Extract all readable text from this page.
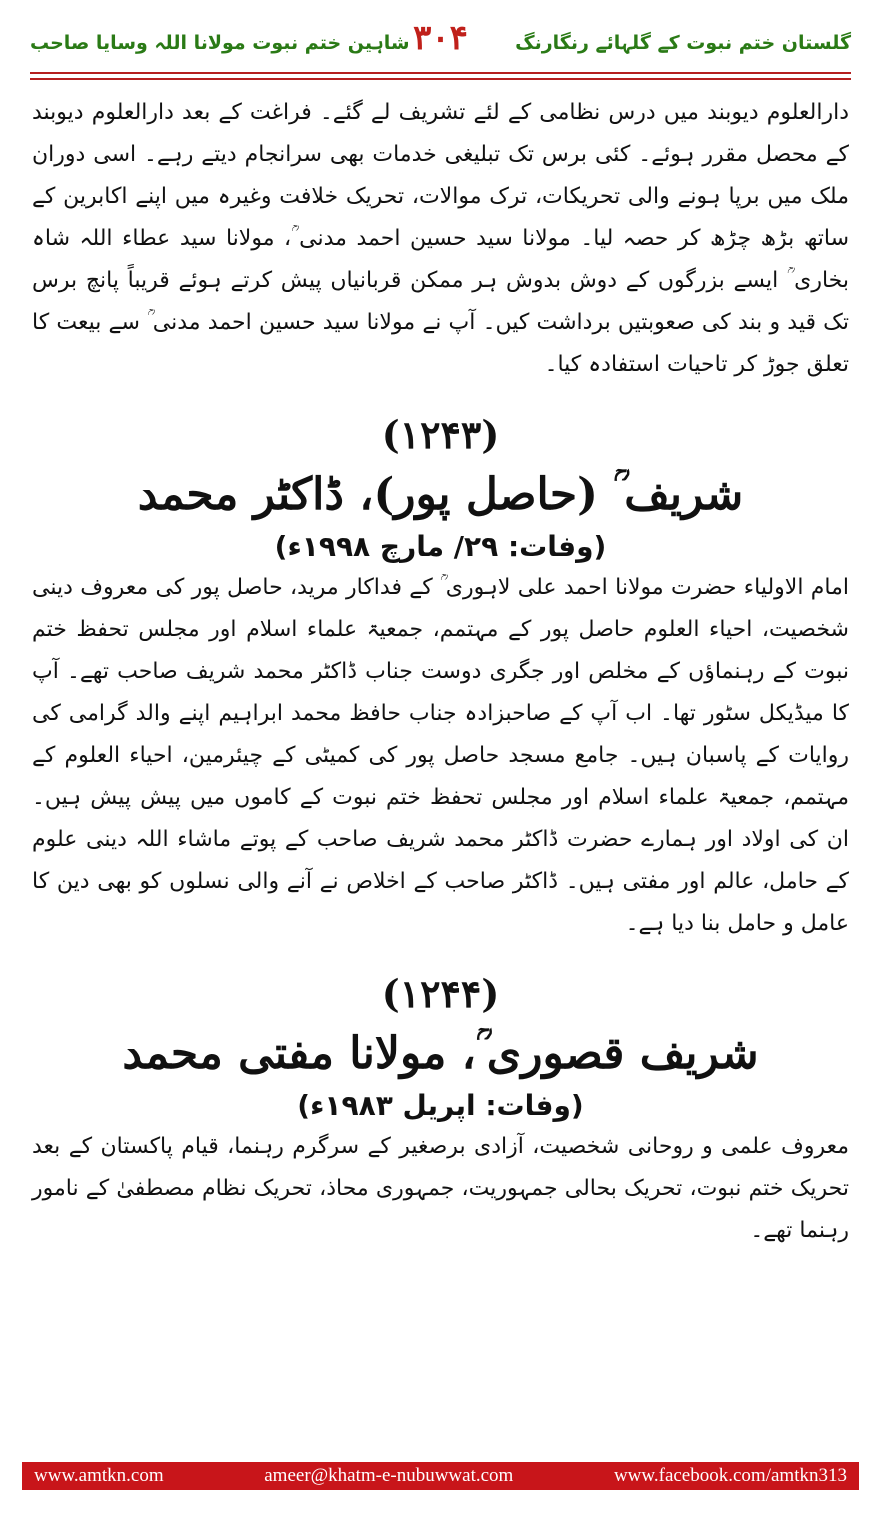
گلستان ختم نبوت کے گلہائے رنگارنگ
۳۰۴
شاہین ختم نبوت مولانا اللہ وسایا صاحب

دارالعلوم دیوبند میں درس نظامی کے لئے تشریف لے گئے۔ فراغت کے بعد دارالعلوم دیوبند کے محصل مقرر ہوئے۔ کئی برس تک تبلیغی خدمات بھی سرانجام دیتے رہے۔ اسی دوران ملک میں برپا ہونے والی تحریکات، ترک موالات، تحریک خلافت وغیرہ میں اپنے اکابرین کے ساتھ بڑھ چڑھ کر حصہ لیا۔ مولانا سید حسین احمد مدنی ؒ، مولانا سید عطاء اللہ شاہ بخاری ؒ ایسے بزرگوں کے دوش بدوش ہر ممکن قربانیاں پیش کرتے ہوئے قریباً پانچ برس تک قید و بند کی صعوبتیں برداشت کیں۔ آپ نے مولانا سید حسین احمد مدنی ؒ سے بیعت کا تعلق جوڑ کر تاحیات استفادہ کیا۔

(۱۲۴۳)
شریف ؒ (حاصل پور)، ڈاکٹر محمد
(وفات: ۲۹/ مارچ ۱۹۹۸ء)

امام الاولیاء حضرت مولانا احمد علی لاہوری ؒ کے فداکار مرید، حاصل پور کی معروف دینی شخصیت، احیاء العلوم حاصل پور کے مہتمم، جمعیۃ علماء اسلام اور مجلس تحفظ ختم نبوت کے رہنماؤں کے مخلص اور جگری دوست جناب ڈاکٹر محمد شریف صاحب تھے۔ آپ کا میڈیکل سٹور تھا۔ اب آپ کے صاحبزادہ جناب حافظ محمد ابراہیم اپنے والد گرامی کی روایات کے پاسبان ہیں۔ جامع مسجد حاصل پور کی کمیٹی کے چیئرمین، احیاء العلوم کے مہتمم، جمعیۃ علماء اسلام اور مجلس تحفظ ختم نبوت کے کاموں میں پیش پیش ہیں۔ ان کی اولاد اور ہمارے حضرت ڈاکٹر محمد شریف صاحب کے پوتے ماشاء اللہ دینی علوم کے حامل، عالم اور مفتی ہیں۔ ڈاکٹر صاحب کے اخلاص نے آنے والی نسلوں کو بھی دین کا عامل و حامل بنا دیا ہے۔

(۱۲۴۴)
شریف قصوری ؒ، مولانا مفتی محمد
(وفات: اپریل ۱۹۸۳ء)

معروف علمی و روحانی شخصیت، آزادی برصغیر کے سرگرم رہنما، قیام پاکستان کے بعد تحریک ختم نبوت، تحریک بحالی جمہوریت، جمہوری محاذ، تحریک نظام مصطفیٰ کے نامور رہنما تھے۔

www.amtkn.com	ameer@khatm-e-nubuwwat.com	www.facebook.com/amtkn313
